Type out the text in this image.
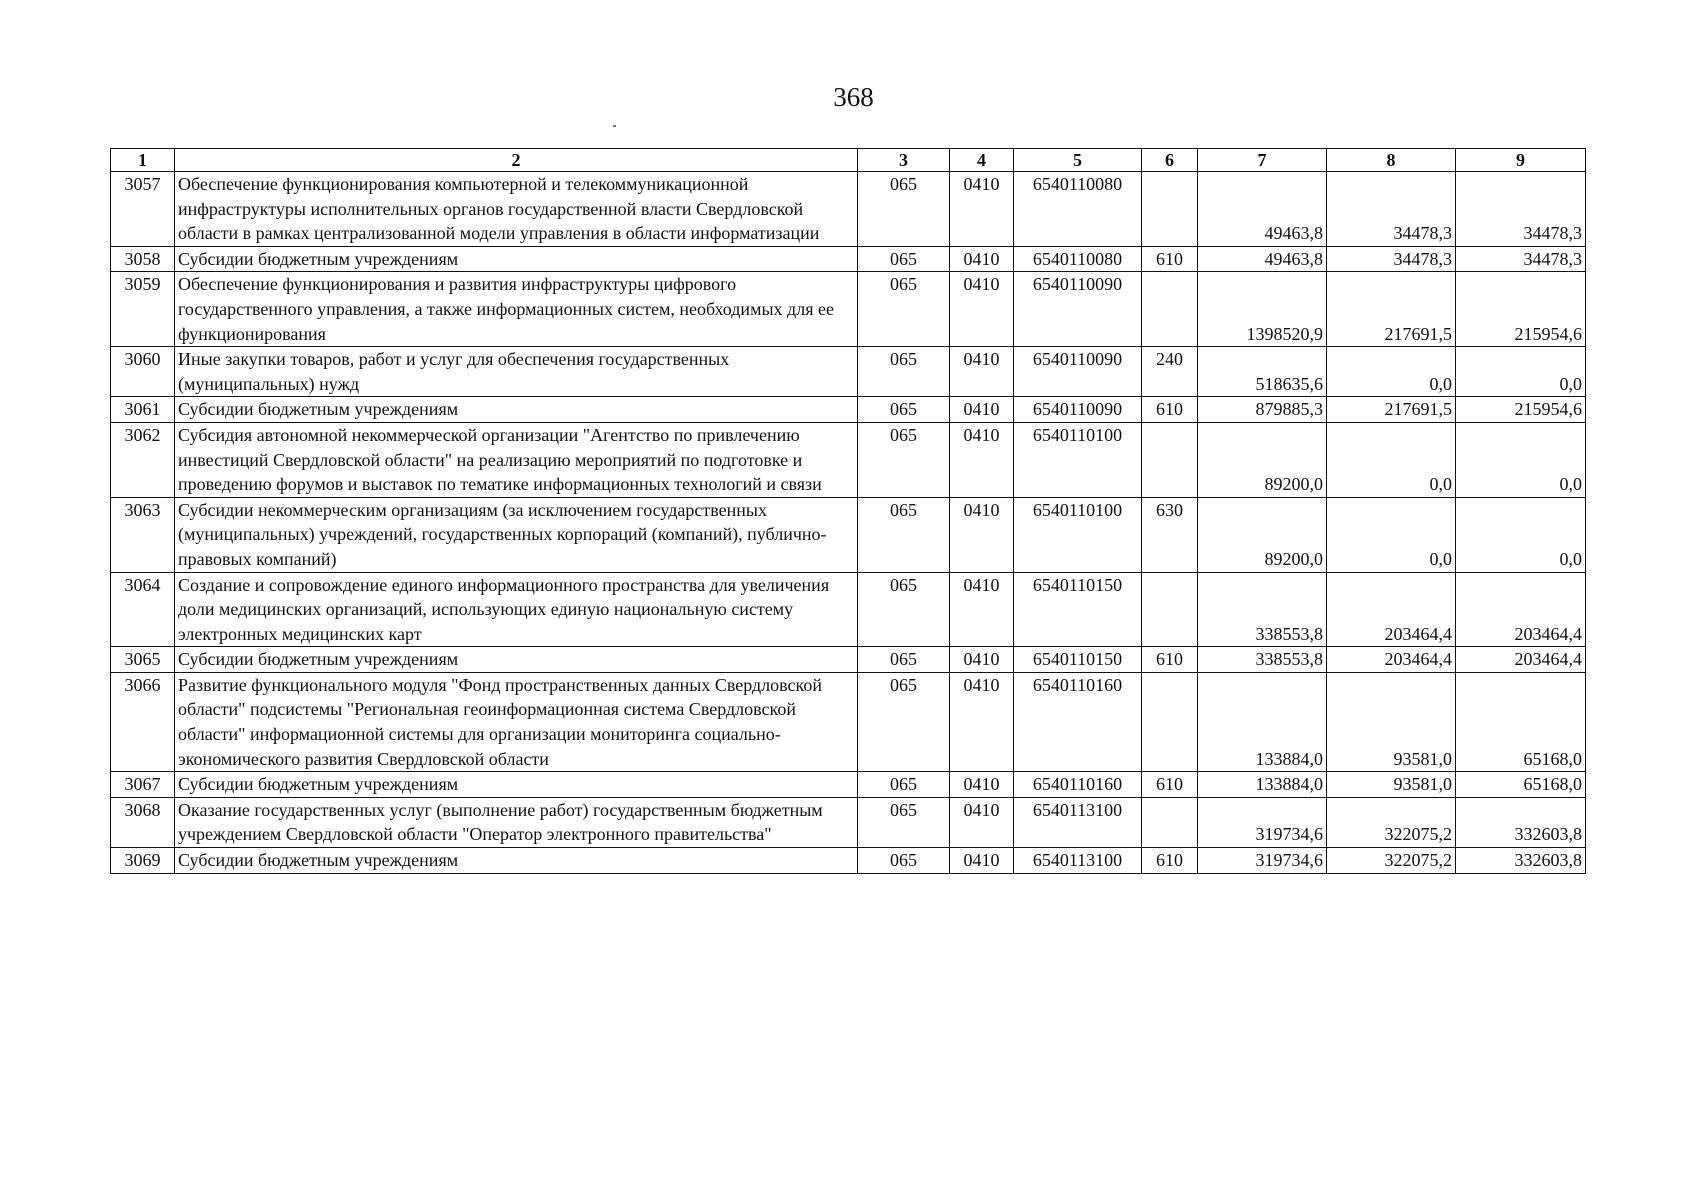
368
1	2	3	4	5	6	7	8	9
3057	Обеспечение функционирования компьютерной и телекоммуникационной инфраструктуры исполнительных органов государственной власти Свердловской области в рамках централизованной модели управления в области информатизации	065	0410	6540110080		49463,8	34478,3	34478,3
3058	Субсидии бюджетным учреждениям	065	0410	6540110080	610	49463,8	34478,3	34478,3
3059	Обеспечение функционирования и развития инфраструктуры цифрового государственного управления, а также информационных систем, необходимых для ее функционирования	065	0410	6540110090		1398520,9	217691,5	215954,6
3060	Иные закупки товаров, работ и услуг для обеспечения государственных (муниципальных) нужд	065	0410	6540110090	240	518635,6	0,0	0,0
3061	Субсидии бюджетным учреждениям	065	0410	6540110090	610	879885,3	217691,5	215954,6
3062	Субсидия автономной некоммерческой организации "Агентство по привлечению инвестиций Свердловской области" на реализацию мероприятий по подготовке и проведению форумов и выставок по тематике информационных технологий и связи	065	0410	6540110100		89200,0	0,0	0,0
3063	Субсидии некоммерческим организациям (за исключением государственных (муниципальных) учреждений, государственных корпораций (компаний), публично-правовых компаний)	065	0410	6540110100	630	89200,0	0,0	0,0
3064	Создание и сопровождение единого информационного пространства для увеличения доли медицинских организаций, использующих единую национальную систему электронных медицинских карт	065	0410	6540110150		338553,8	203464,4	203464,4
3065	Субсидии бюджетным учреждениям	065	0410	6540110150	610	338553,8	203464,4	203464,4
3066	Развитие функционального модуля "Фонд пространственных данных Свердловской области" подсистемы "Региональная геоинформационная система Свердловской области" информационной системы для организации мониторинга социально-экономического развития Свердловской области	065	0410	6540110160		133884,0	93581,0	65168,0
3067	Субсидии бюджетным учреждениям	065	0410	6540110160	610	133884,0	93581,0	65168,0
3068	Оказание государственных услуг (выполнение работ) государственным бюджетным учреждением Свердловской области "Оператор электронного правительства"	065	0410	6540113100		319734,6	322075,2	332603,8
3069	Субсидии бюджетным учреждениям	065	0410	6540113100	610	319734,6	322075,2	332603,8
